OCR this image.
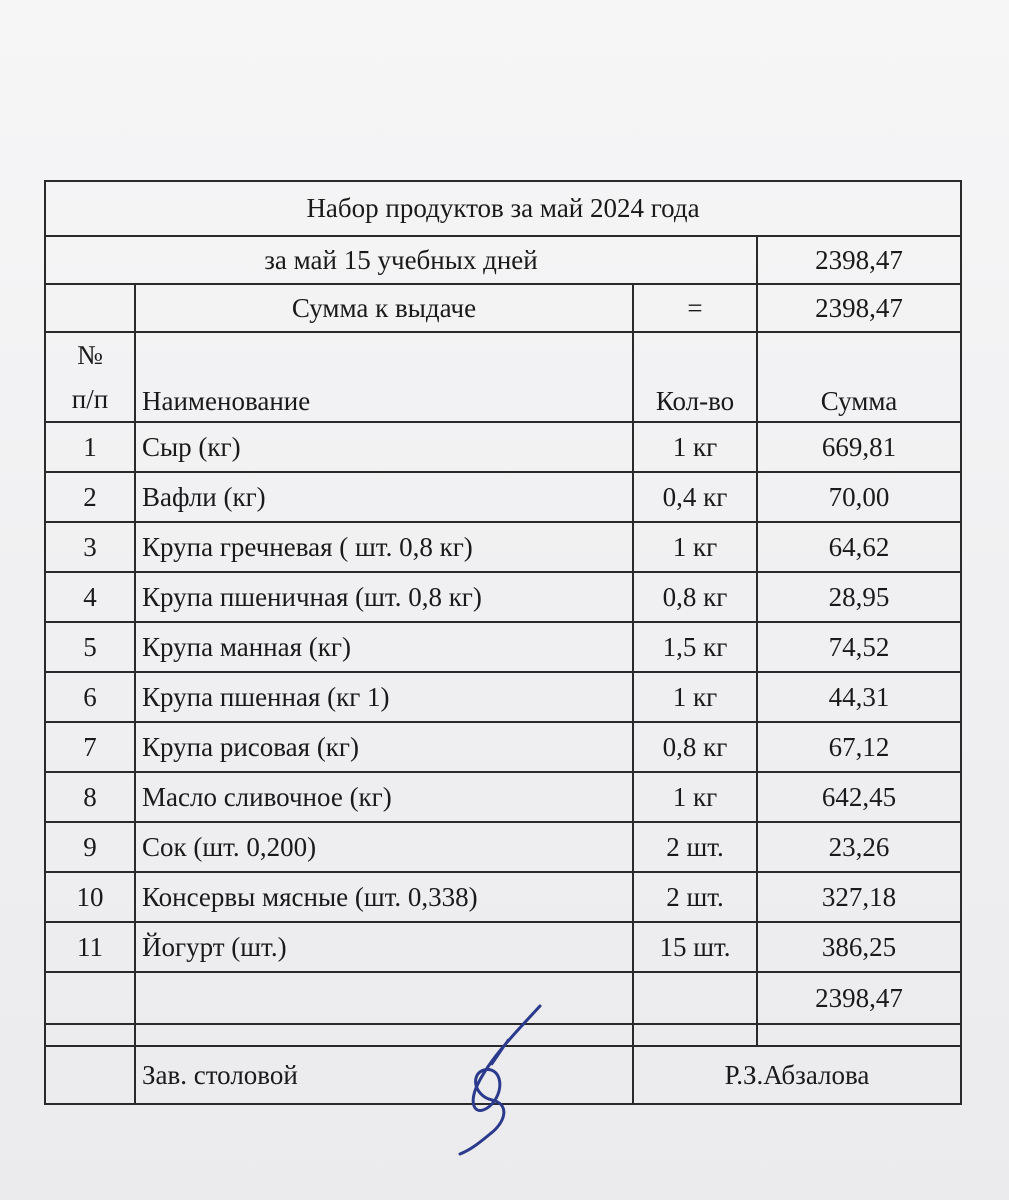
Набор продуктов за май 2024 года			
за май 15 учебных дней			2398,47
	Сумма к выдаче	=	2398,47

№
п/п	Наименование	Кол-во	Сумма
1	Сыр (кг)	1 кг	669,81
2	Вафли (кг)	0,4 кг	70,00
3	Крупа гречневая ( шт. 0,8 кг)	1 кг	64,62
4	Крупа пшеничная (шт. 0,8 кг)	0,8 кг	28,95
5	Крупа манная (кг)	1,5 кг	74,52
6	Крупа пшенная (кг 1)	1 кг	44,31
7	Крупа рисовая (кг)	0,8 кг	67,12
8	Масло сливочное (кг)	1 кг	642,45
9	Сок (шт. 0,200)	2 шт.	23,26
10	Консервы мясные (шт. 0,338)	2 шт.	327,18
11	Йогурт (шт.)	15 шт.	386,25
			2398,47

	Зав. столовой	Р.З.Абзалова	
